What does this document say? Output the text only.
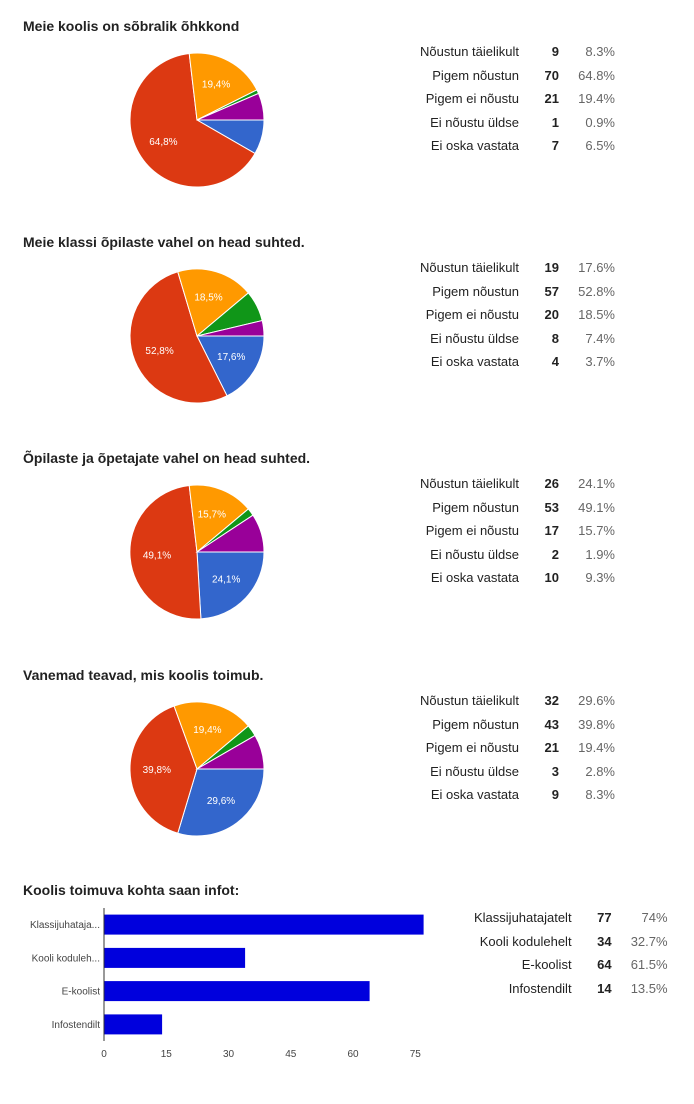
Meie koolis on sõbralik õhkkond
64,8%
19,4%
Nõustun täielikult	9	8.3%
Pigem nõustun	70	64.8%
Pigem ei nõustu	21	19.4%
Ei nõustu üldse	1	0.9%
Ei oska vastata	7	6.5%
Meie klassi õpilaste vahel on head suhted.
17,6%
52,8%
18,5%
Nõustun täielikult	19	17.6%
Pigem nõustun	57	52.8%
Pigem ei nõustu	20	18.5%
Ei nõustu üldse	8	7.4%
Ei oska vastata	4	3.7%
Õpilaste ja õpetajate vahel on head suhted.
24,1%
49,1%
15,7%
Nõustun täielikult	26	24.1%
Pigem nõustun	53	49.1%
Pigem ei nõustu	17	15.7%
Ei nõustu üldse	2	1.9%
Ei oska vastata	10	9.3%
Vanemad teavad, mis koolis toimub.
29,6%
39,8%
19,4%
Nõustun täielikult	32	29.6%
Pigem nõustun	43	39.8%
Pigem ei nõustu	21	19.4%
Ei nõustu üldse	3	2.8%
Ei oska vastata	9	8.3%
Koolis toimuva kohta saan infot:
Klassijuhataja...
Kooli koduleh...
E-koolist
Infostendilt
0	15	30	45	60	75
Klassijuhatajatelt	77	74%
Kooli kodulehelt	34	32.7%
E-koolist	64	61.5%
Infostendilt	14	13.5%
